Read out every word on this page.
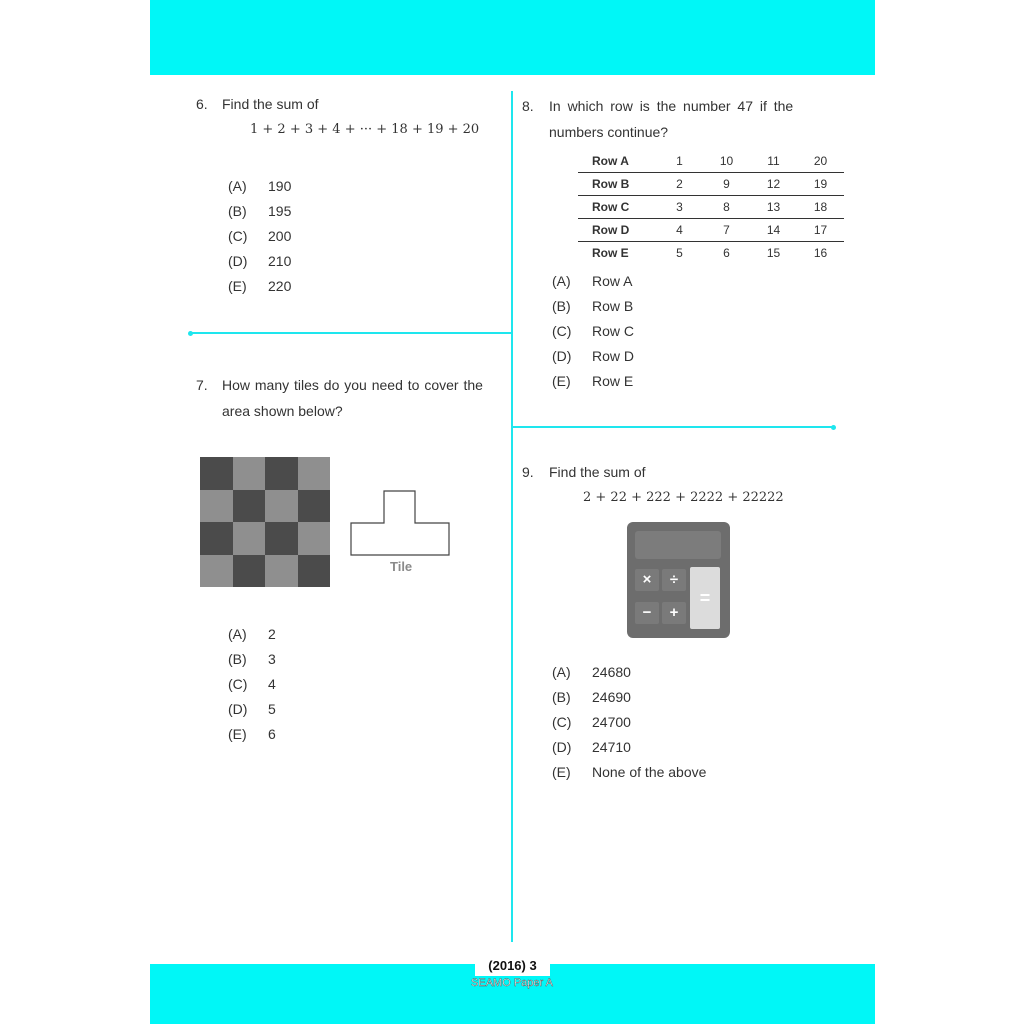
(2016) 3
SEAMO Paper A
6. Find the sum of
1 + 2 + 3 + 4 + ··· + 18 + 19 + 20
(A) 190
(B) 195
(C) 200
(D) 210
(E) 220
7. How many tiles do you need to cover the
area shown below?
Tile
(A) 2
(B) 3
(C) 4
(D) 5
(E) 6
8. In which row is the number 47 if the
numbers continue?
Row A	1	10	11	20
Row B	2	9	12	19
Row C	3	8	13	18
Row D	4	7	14	17
Row E	5	6	15	16
(A) Row A
(B) Row B
(C) Row C
(D) Row D
(E) Row E
9. Find the sum of
2 + 22 + 222 + 2222 + 22222
×	÷
−	+
=
(A) 24680
(B) 24690
(C) 24700
(D) 24710
(E) None of the above
